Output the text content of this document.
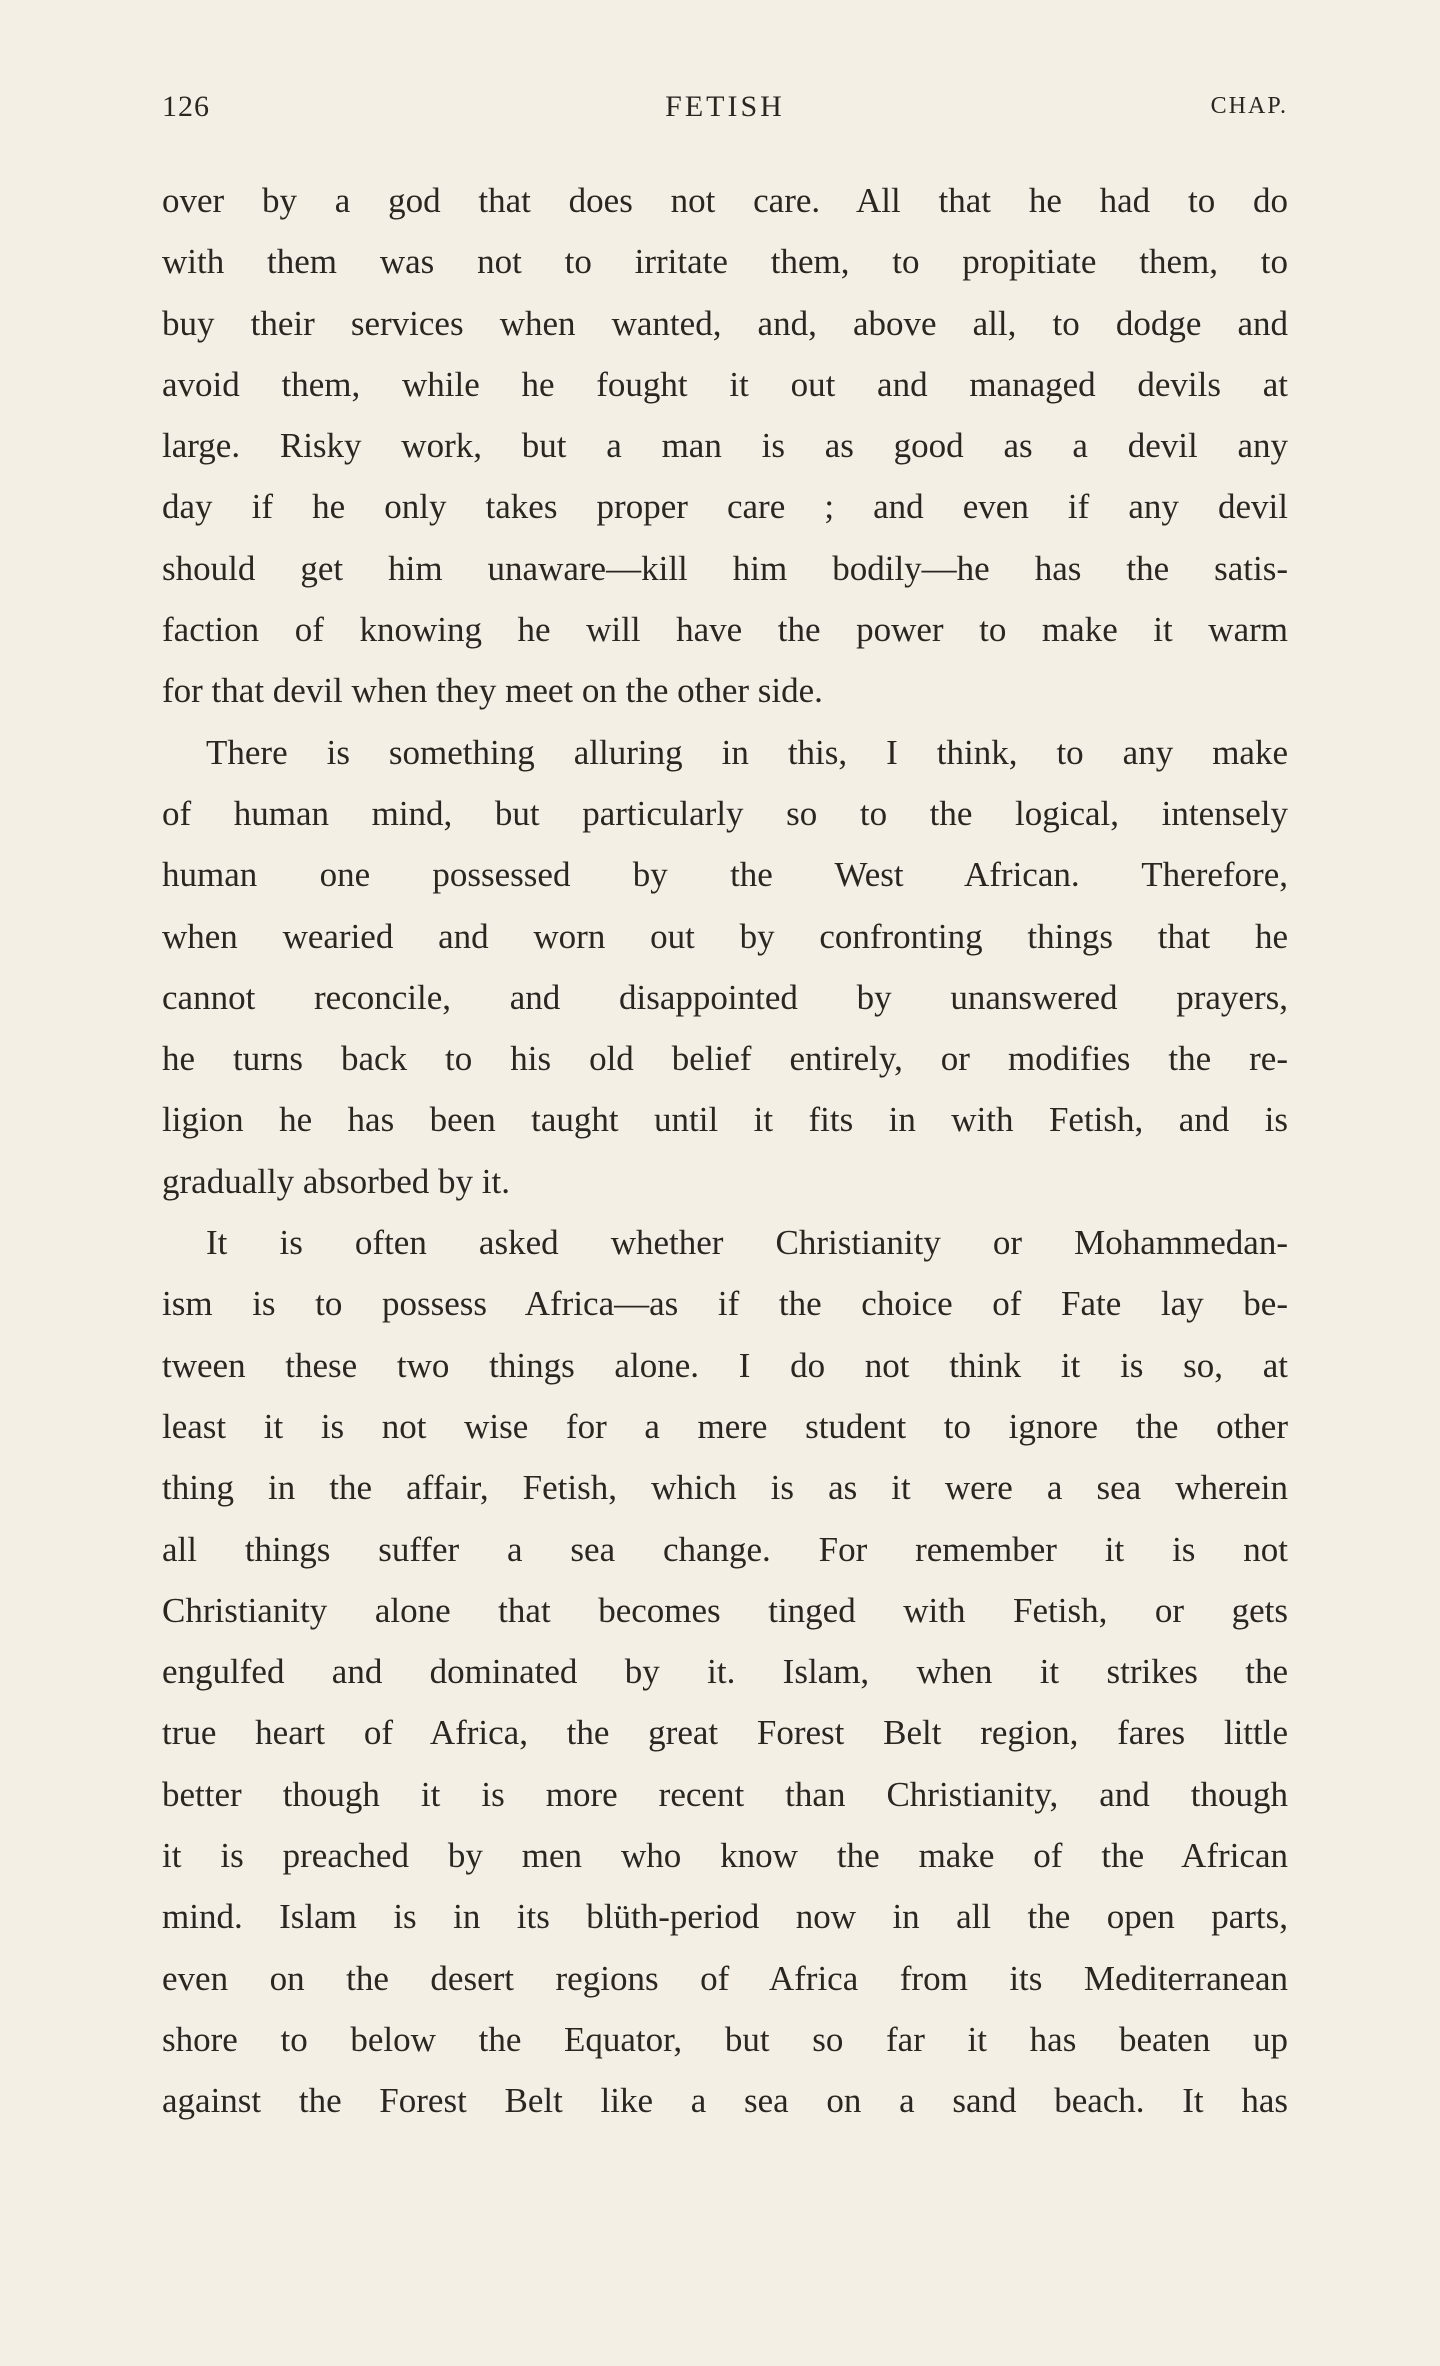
126	FETISH	CHAP.
over by a god that does not care. All that he had to do
with them was not to irritate them, to propitiate them, to
buy their services when wanted, and, above all, to dodge and
avoid them, while he fought it out and managed devils at
large. Risky work, but a man is as good as a devil any
day if he only takes proper care ; and even if any devil
should get him unaware—kill him bodily—he has the satis-
faction of knowing he will have the power to make it warm
for that devil when they meet on the other side.
There is something alluring in this, I think, to any make
of human mind, but particularly so to the logical, intensely
human one possessed by the West African. Therefore,
when wearied and worn out by confronting things that he
cannot reconcile, and disappointed by unanswered prayers,
he turns back to his old belief entirely, or modifies the re-
ligion he has been taught until it fits in with Fetish, and is
gradually absorbed by it.
It is often asked whether Christianity or Mohammedan-
ism is to possess Africa—as if the choice of Fate lay be-
tween these two things alone. I do not think it is so, at
least it is not wise for a mere student to ignore the other
thing in the affair, Fetish, which is as it were a sea wherein
all things suffer a sea change. For remember it is not
Christianity alone that becomes tinged with Fetish, or gets
engulfed and dominated by it. Islam, when it strikes the
true heart of Africa, the great Forest Belt region, fares little
better though it is more recent than Christianity, and though
it is preached by men who know the make of the African
mind. Islam is in its blüth-period now in all the open parts,
even on the desert regions of Africa from its Mediterranean
shore to below the Equator, but so far it has beaten up
against the Forest Belt like a sea on a sand beach. It has
